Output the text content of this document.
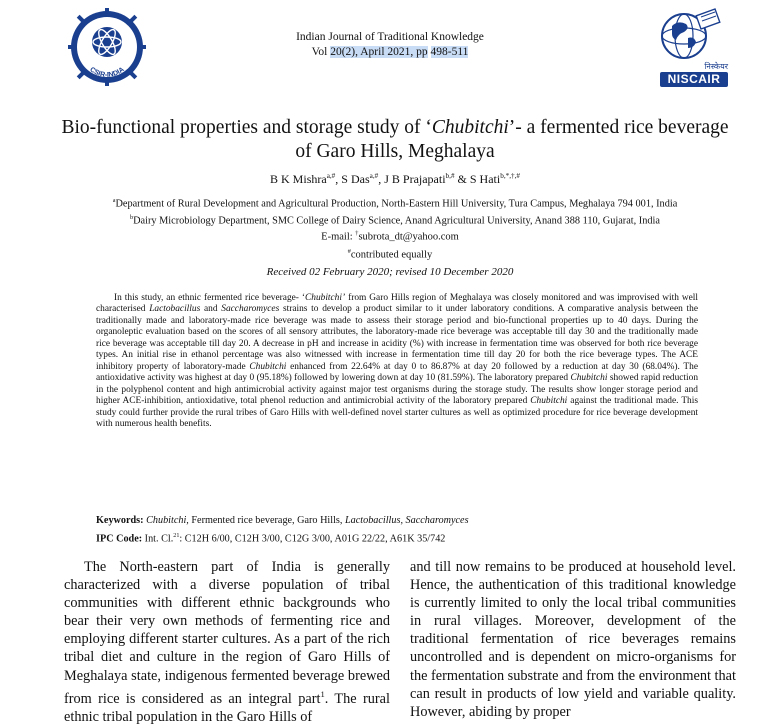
CSIR-INDIA	निस्केयर
NISCAIR
Indian Journal of Traditional Knowledge
Vol 20(2), April 2021, pp 498-511
Bio-functional properties and storage study of ‘Chubitchi’- a fermented rice beverage of Garo Hills, Meghalaya
B K Mishra$^{a,\#}$, S Das$^{a,\#}$, J B Prajapati$^{b,\#}$ & S Hati$^{b,*,\dagger,\#}$
$^a$Department of Rural Development and Agricultural Production, North-Eastern Hill University, Tura Campus, Meghalaya 794 001, India
$^b$Dairy Microbiology Department, SMC College of Dairy Science, Anand Agricultural University, Anand 388 110, Gujarat, India
E-mail: †subrota_dt@yahoo.com
#contributed equally
Received 02 February 2020; revised 10 December 2020
In this study, an ethnic fermented rice beverage- ‘Chubitchi’ from Garo Hills region of Meghalaya was closely monitored and was improvised with well characterised Lactobacillus and Saccharomyces strains to develop a product similar to it under laboratory conditions. A comparative analysis between the traditionally made and laboratory-made rice beverage was made to assess their storage period and bio-functional properties up to 40 days. During the organoleptic evaluation based on the scores of all sensory attributes, the laboratory-made rice beverage was acceptable till day 30 and the traditionally made rice beverage was acceptable till day 20. A decrease in pH and increase in acidity (%) with increase in fermentation time was observed for both rice beverage types. An initial rise in ethanol percentage was also witnessed with increase in fermentation time till day 20 for both the rice beverage types. The ACE inhibitory property of laboratory-made Chubitchi enhanced from 22.64% at day 0 to 86.87% at day 20 followed by a reduction at day 30 (68.04%). The antioxidative activity was highest at day 0 (95.18%) followed by lowering down at day 10 (81.59%). The laboratory prepared Chubitchi showed rapid reduction in the polyphenol content and high antimicrobial activity against major test organisms during the storage study. The results show longer storage period and higher ACE-inhibition, antioxidative, total phenol reduction and antimicrobial activity of the laboratory prepared Chubitchi against the traditional made. This study could further provide the rural tribes of Garo Hills with well-defined novel starter cultures as well as optimized procedure for rice beverage development with numerous health benefits.
Keywords: Chubitchi, Fermented rice beverage, Garo Hills, Lactobacillus, Saccharomyces
IPC Code: Int. Cl.$^{21}$: C12H 6/00, C12H 3/00, C12G 3/00, A01G 22/22, A61K 35/742
The North-eastern part of India is generally characterized with a diverse population of tribal communities with different ethnic backgrounds who bear their very own methods of fermenting rice and employing different starter cultures. As a part of the rich tribal diet and culture in the region of Garo Hills of Meghalaya state, indigenous fermented beverage brewed from rice is considered as an integral part$^1$. The rural ethnic tribal population in the Garo Hills of
and till now remains to be produced at household level. Hence, the authentication of this traditional knowledge is currently limited to only the local tribal communities in rural villages. Moreover, development of the traditional fermentation of rice beverages remains uncontrolled and is dependent on micro-organisms for the fermentation substrate and from the environment that can result in products of low yield and variable quality. However, abiding by proper
